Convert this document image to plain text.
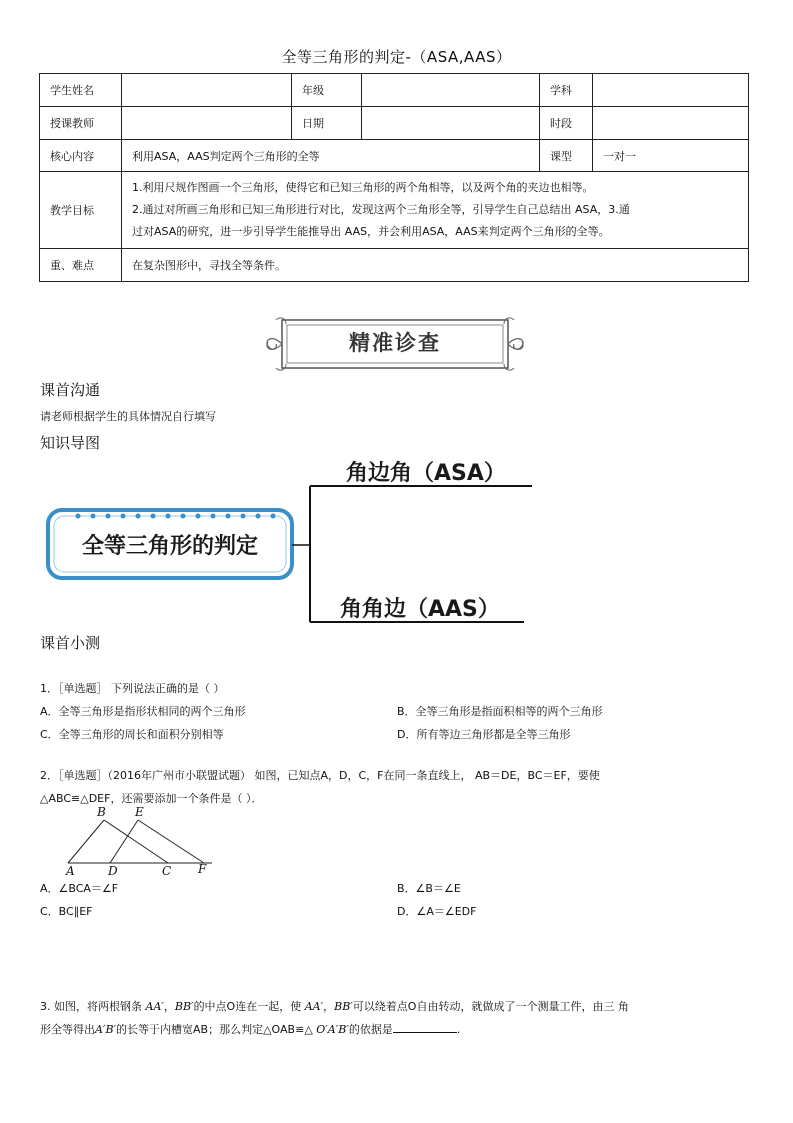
全等三角形的判定-（ASA,AAS）
学生姓名		年级		学科	
授课教师		日期		时段	
核心内容	利用ASA，AAS判定两个三角形的全等			课型	一对一
教学目标	1.利用尺规作图画一个三角形，使得它和已知三角形的两个角相等，以及两个角的夹边也相等。
2.通过对所画三角形和已知三角形进行对比，发现这两个三角形全等，引导学生自己总结出 ASA，3.通
过对ASA的研究，进一步引导学生能推导出 AAS，并会利用ASA，AAS来判定两个三角形的全等。				

重、难点	在复杂图形中，寻找全等条件。				
精准诊查
课首沟通
请老师根据学生的具体情况自行填写
知识导图
全等三角形的判定
角边角（ASA）
角角边（AAS）
课首小测
1．［单选题］ 下列说法正确的是（ ）
A．全等三角形是指形状相同的两个三角形	B．全等三角形是指面积相等的两个三角形
C．全等三角形的周长和面积分别相等	D．所有等边三角形都是全等三角形
2．［单选题］（2016年广州市小联盟试题） 如图，已知点A，D，C，F在同一条直线上， AB＝DE，BC＝EF，要使
△ABC≌△DEF，还需要添加一个条件是（ ）．
B E
A	D	C F
A．∠BCA＝∠F	B．∠B＝∠E
C．BC∥EF	D．∠A＝∠EDF
3. 如图，将两根钢条 AA′，BB′的中点O连在一起，使 AA′，BB′可以绕着点O自由转动，就做成了一个测量工件，由三 角
形全等得出A′B′的长等于内槽宽AB；那么判定△OAB≌△ O′A′B′的依据是	.
